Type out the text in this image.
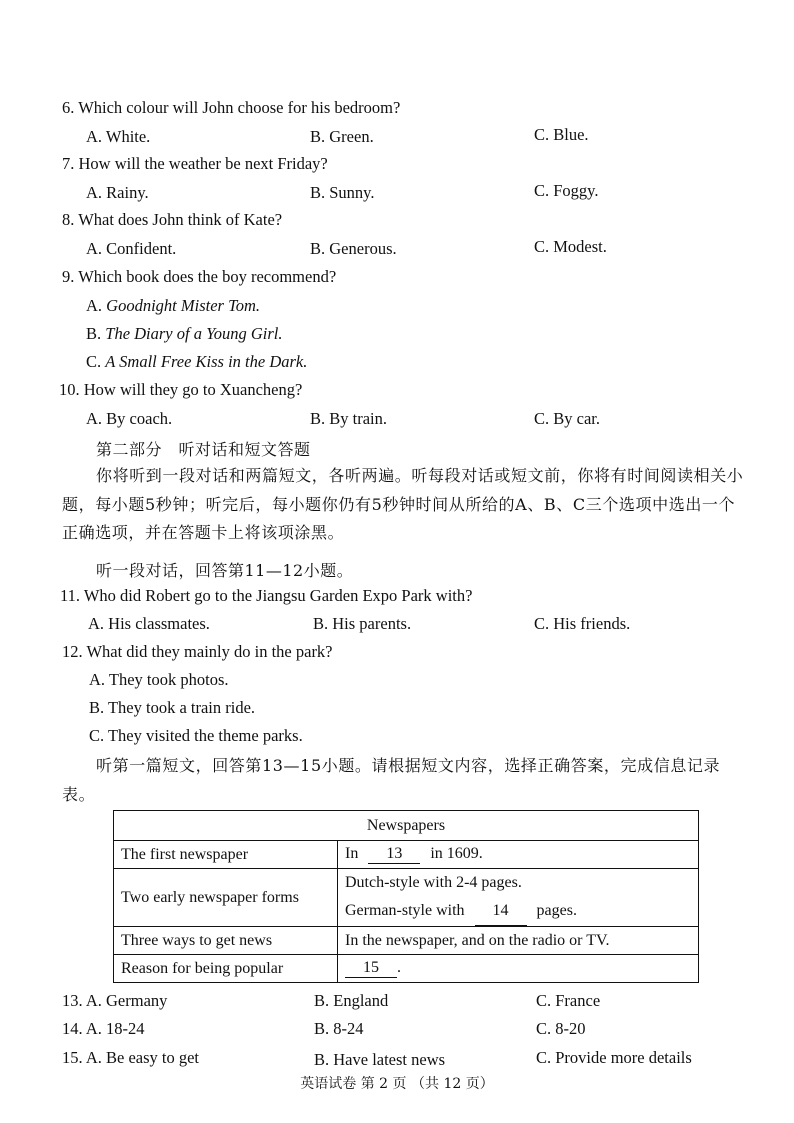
6. Which colour will John choose for his bedroom?
A. White.	B. Green.	C. Blue.
7. How will the weather be next Friday?
A. Rainy.	B. Sunny.	C. Foggy.
8. What does John think of Kate?
A. Confident.	B. Generous.	C. Modest.
9. Which book does the boy recommend?
A. Goodnight Mister Tom.
B. The Diary of a Young Girl.
C. A Small Free Kiss in the Dark.
10. How will they go to Xuancheng?
A. By coach.	B. By train.	C. By car.
第二部分　听对话和短文答题
你将听到一段对话和两篇短文，各听两遍。听每段对话或短文前，你将有时间阅读相关小题，每小题5秒钟；听完后，每小题你仍有5秒钟时间从所给的A、B、C三个选项中选出一个正确选项，并在答题卡上将该项涂黑。
听一段对话，回答第11—12小题。
11. Who did Robert go to the Jiangsu Garden Expo Park with?
A. His classmates.	B. His parents.	C. His friends.
12. What did they mainly do in the park?
A. They took photos.
B. They took a train ride.
C. They visited the theme parks.
听第一篇短文，回答第13—15小题。请根据短文内容，选择正确答案，完成信息记录表。
Newspapers	
The first newspaper	In 13 in 1609.
Two early newspaper forms	Dutch-style with 2-4 pages.
German-style with 14 pages.

Three ways to get news	In the newspaper, and on the radio or TV.
Reason for being popular	15 .
13. A. Germany	B. England	C. France
14. A. 18-24	B. 8-24	C. 8-20
15. A. Be easy to get	B. Have latest news	C. Provide more details
英语试卷 第 2 页 （共 12 页）
